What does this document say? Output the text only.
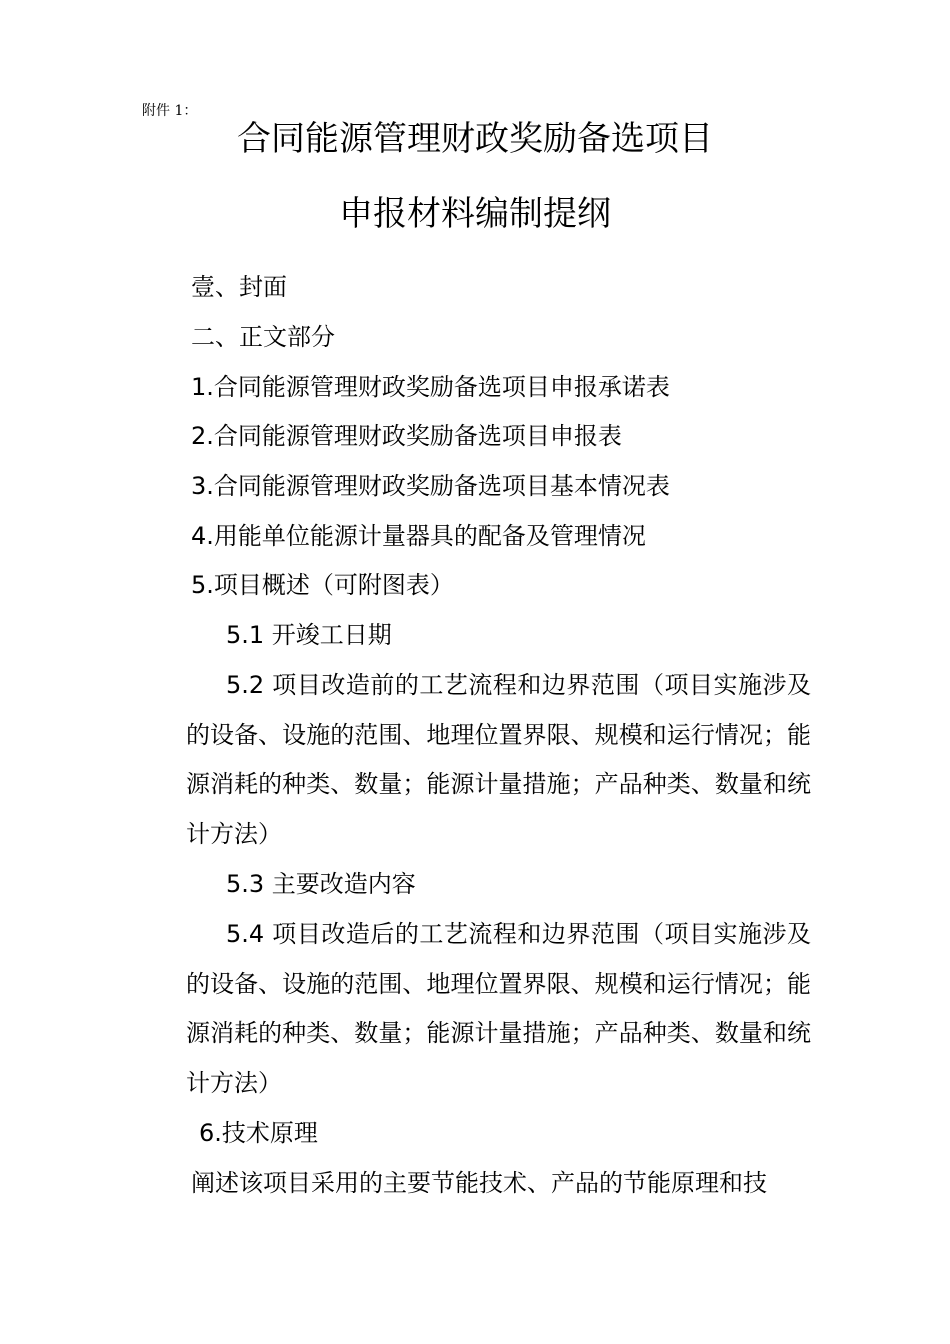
附件 1：
合同能源管理财政奖励备选项目
申报材料编制提纲
壹、封面
二、正文部分
1.合同能源管理财政奖励备选项目申报承诺表
2.合同能源管理财政奖励备选项目申报表
3.合同能源管理财政奖励备选项目基本情况表
4.用能单位能源计量器具的配备及管理情况
5.项目概述（可附图表）
5.1 开竣工日期
5.2 项目改造前的工艺流程和边界范围（项目实施涉及的设备、设施的范围、地理位置界限、规模和运行情况；能源消耗的种类、数量；能源计量措施；产品种类、数量和统计方法）
5.3 主要改造内容
5.4 项目改造后的工艺流程和边界范围（项目实施涉及的设备、设施的范围、地理位置界限、规模和运行情况；能源消耗的种类、数量；能源计量措施；产品种类、数量和统计方法）
6.技术原理
阐述该项目采用的主要节能技术、产品的节能原理和技
